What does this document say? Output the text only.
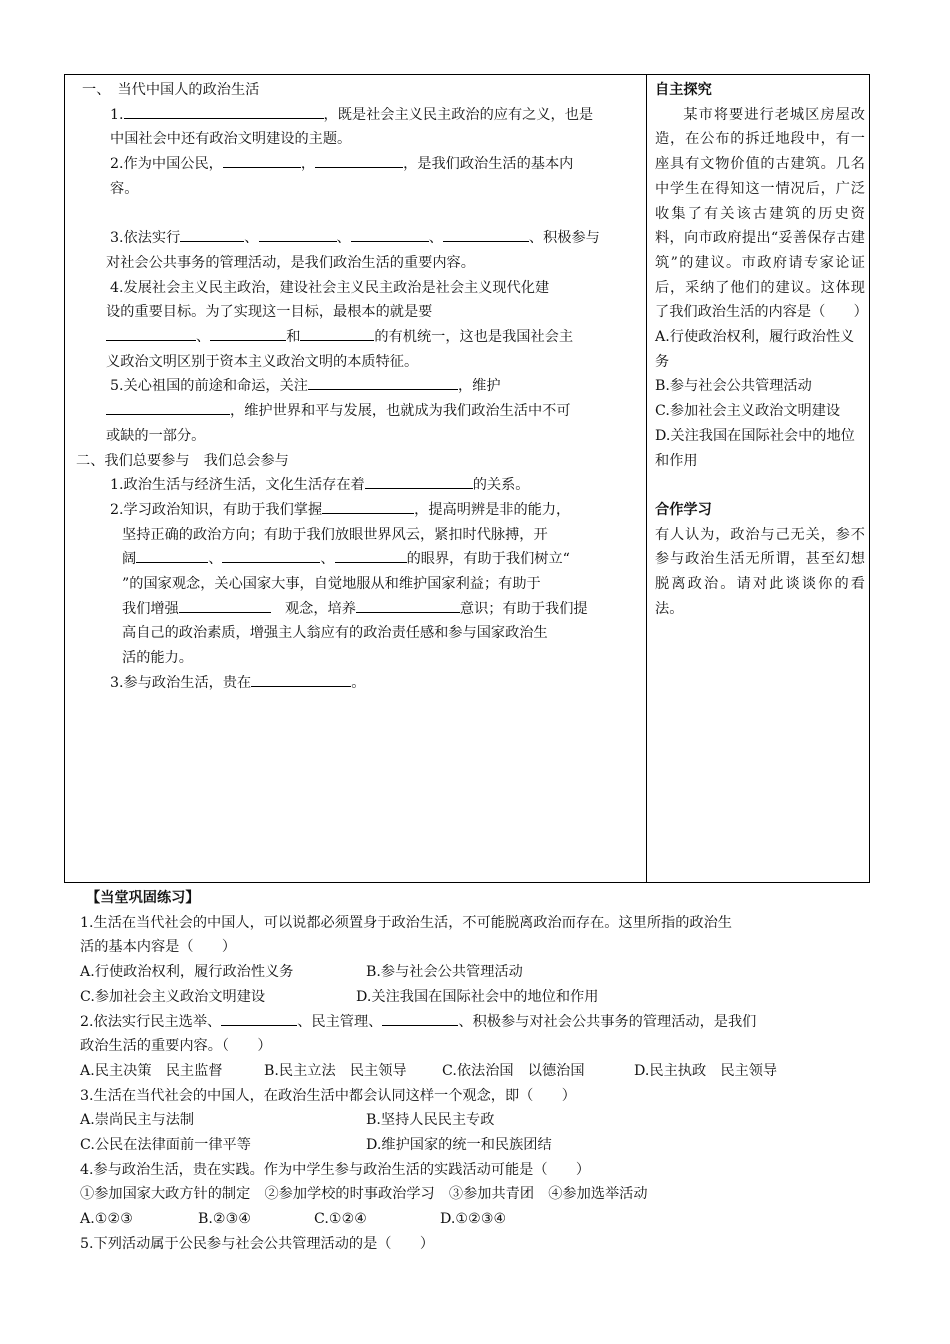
一、　当代中国人的政治生活
1.	，既是社会主义民主政治的应有之义，也是
中国社会中还有政治文明建设的主题。
2.作为中国公民，	，	，是我们政治生活的基本内
容。
3.依法实行	、	、	、	、积极参与
对社会公共事务的管理活动，是我们政治生活的重要内容。
4.发展社会主义民主政治，建设社会主义民主政治是社会主义现代化建
设的重要目标。为了实现这一目标，最根本的就是要
、	和	的有机统一，这也是我国社会主
义政治文明区别于资本主义政治文明的本质特征。
5.关心祖国的前途和命运，关注	，维护
，维护世界和平与发展，也就成为我们政治生活中不可
或缺的一部分。
二、我们总要参与　我们总会参与
1.政治生活与经济生活，文化生活存在着	的关系。
2.学习政治知识，有助于我们掌握	，提高明辨是非的能力，
坚持正确的政治方向；有助于我们放眼世界风云，紧扣时代脉搏，开
阔	、	、	的眼界，有助于我们树立“
”的国家观念，关心国家大事，自觉地服从和维护国家利益；有助于
我们增强　	观念，培养	意识；有助于我们提
高自己的政治素质，增强主人翁应有的政治责任感和参与国家政治生
活的能力。
3.参与政治生活，贵在	。
自主探究
某市将要进行老城区房屋改造，在公布的拆迁地段中，有一座具有文物价值的古建筑。几名中学生在得知这一情况后，广泛收集了有关该古建筑的历史资料，向市政府提出“妥善保存古建筑”的建议。市政府请专家论证后，采纳了他们的建议。这体现了我们政治生活的内容是（　　）
A.行使政治权利，履行政治性义务
B.参与社会公共管理活动
C.参加社会主义政治文明建设
D.关注我国在国际社会中的地位和作用
合作学习
有人认为，政治与己无关，参不参与政治生活无所谓，甚至幻想脱离政治。请对此谈谈你的看法。
【当堂巩固练习】
1.生活在当代社会的中国人，可以说都必须置身于政治生活，不可能脱离政治而存在。这里所指的政治生
活的基本内容是（　　）
A.行使政治权利，履行政治性义务	B.参与社会公共管理活动
C.参加社会主义政治文明建设	D.关注我国在国际社会中的地位和作用
2.依法实行民主选举、	、民主管理、	、积极参与对社会公共事务的管理活动，是我们
政治生活的重要内容。（　　）
A.民主决策　民主监督	B.民主立法　民主领导 C.依法治国　以德治国	D.民主执政　民主领导
3.生活在当代社会的中国人，在政治生活中都会认同这样一个观念，即（　　）
A.崇尚民主与法制	B.坚持人民民主专政
C.公民在法律面前一律平等	D.维护国家的统一和民族团结
4.参与政治生活，贵在实践。作为中学生参与政治生活的实践活动可能是（　　）
①参加国家大政方针的制定　②参加学校的时事政治学习　③参加共青团　④参加选举活动
A.①②③	B.②③④	C.①②④	D.①②③④
5.下列活动属于公民参与社会公共管理活动的是（　　）
